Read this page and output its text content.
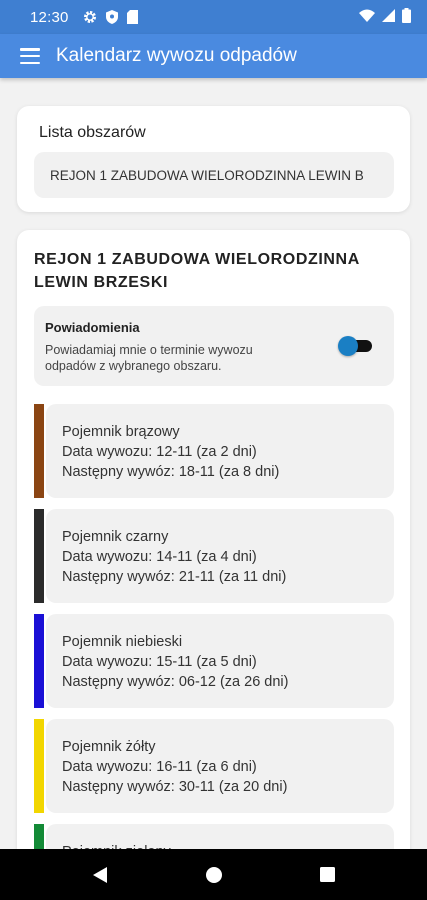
12:30
Kalendarz wywozu odpadów
Lista obszarów
REJON 1 ZABUDOWA WIELORODZINNA LEWIN B
REJON 1 ZABUDOWA WIELORODZINNA LEWIN BRZESKI
Powiadomienia
Powiadamiaj mnie o terminie wywozu odpadów z wybranego obszaru.
Pojemnik brązowy
Data wywozu: 12-11 (za 2 dni)
Następny wywóz: 18-11 (za 8 dni)
Pojemnik czarny
Data wywozu: 14-11 (za 4 dni)
Następny wywóz: 21-11 (za 11 dni)
Pojemnik niebieski
Data wywozu: 15-11 (za 5 dni)
Następny wywóz: 06-12 (za 26 dni)
Pojemnik żółty
Data wywozu: 16-11 (za 6 dni)
Następny wywóz: 30-11 (za 20 dni)
